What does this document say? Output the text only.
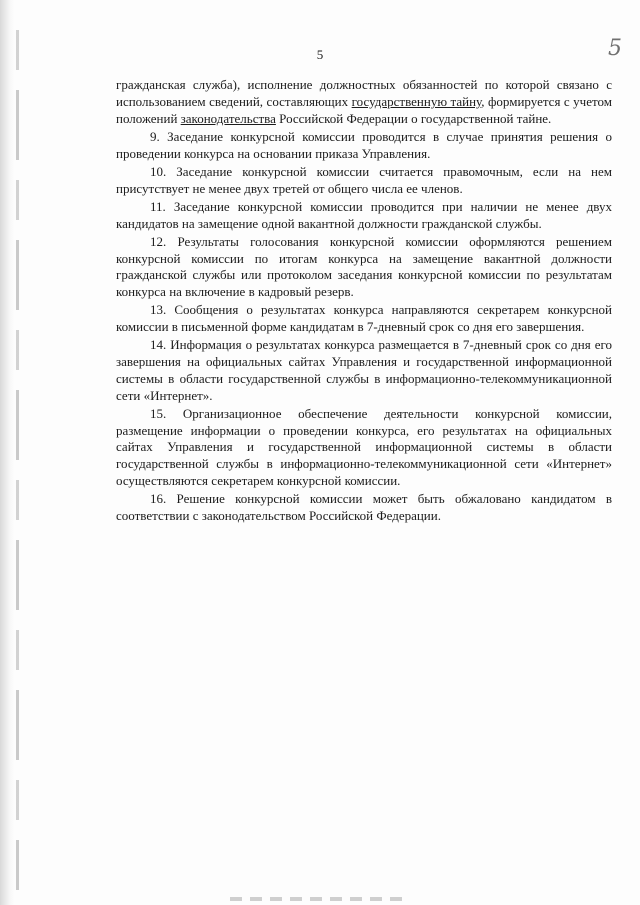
5
5

гражданская служба), исполнение должностных обязанностей по которой связано с использованием сведений, составляющих государственную тайну, формируется с учетом положений законодательства Российской Федерации о государственной тайне.

9. Заседание конкурсной комиссии проводится в случае принятия решения о проведении конкурса на основании приказа Управления.

10. Заседание конкурсной комиссии считается правомочным, если на нем присутствует не менее двух третей от общего числа ее членов.

11. Заседание конкурсной комиссии проводится при наличии не менее двух кандидатов на замещение одной вакантной должности гражданской службы.

12. Результаты голосования конкурсной комиссии оформляются решением конкурсной комиссии по итогам конкурса на замещение вакантной должности гражданской службы или протоколом заседания конкурсной комиссии по результатам конкурса на включение в кадровый резерв.

13. Сообщения о результатах конкурса направляются секретарем конкурсной комиссии в письменной форме кандидатам в 7-дневный срок со дня его завершения.

14. Информация о результатах конкурса размещается в 7-дневный срок со дня его завершения на официальных сайтах Управления и государственной информационной системы в области государственной службы в информационно-телекоммуникационной сети «Интернет».

15. Организационное обеспечение деятельности конкурсной комиссии, размещение информации о проведении конкурса, его результатах на официальных сайтах Управления и государственной информационной системы в области государственной службы в информационно-телекоммуникационной сети «Интернет» осуществляются секретарем конкурсной комиссии.

16. Решение конкурсной комиссии может быть обжаловано кандидатом в соответствии с законодательством Российской Федерации.
